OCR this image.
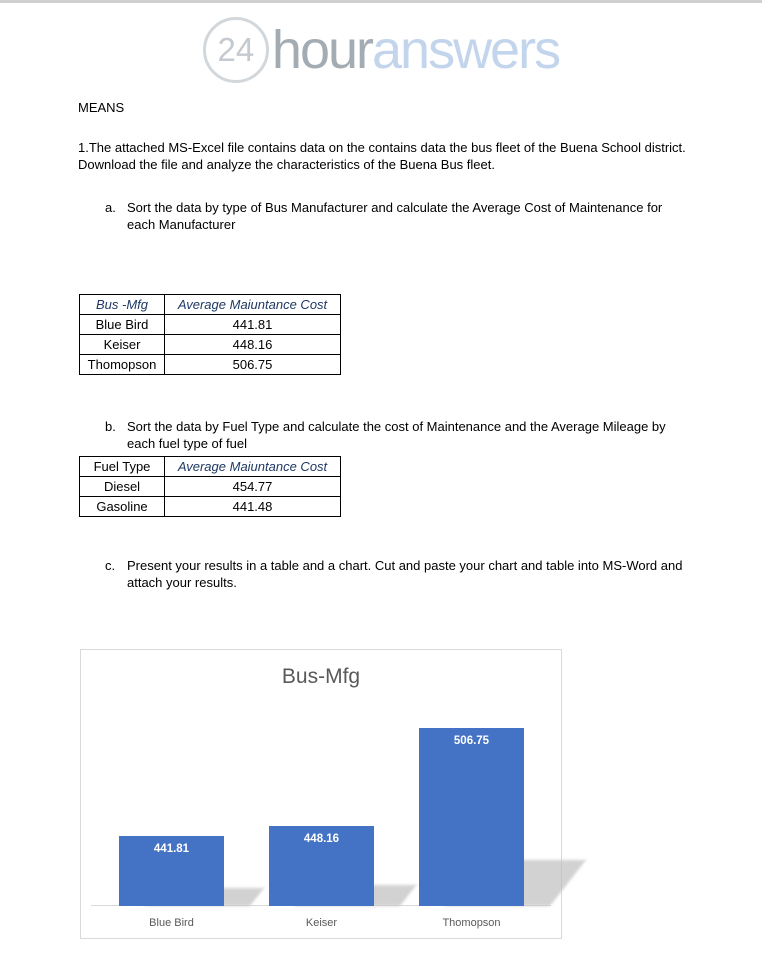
24 hour answers
MEANS
1.The attached MS-Excel file contains data on the contains data the bus fleet of the Buena School district. Download the file and analyze the characteristics of the Buena Bus fleet.
a. Sort the data by type of Bus Manufacturer and calculate the Average Cost of Maintenance for each Manufacturer
Bus -Mfg	Average Maiuntance Cost
Blue Bird	441.81
Keiser	448.16
Thomopson	506.75
b. Sort the data by Fuel Type and calculate the cost of Maintenance and the Average Mileage by each fuel type of fuel
Fuel Type	Average Maiuntance Cost
Diesel	454.77
Gasoline	441.48
c. Present your results in a table and a chart. Cut and paste your chart and table into MS-Word and attach your results.
Bus-Mfg
441.81
Blue Bird
448.16
Keiser
506.75
Thomopson
